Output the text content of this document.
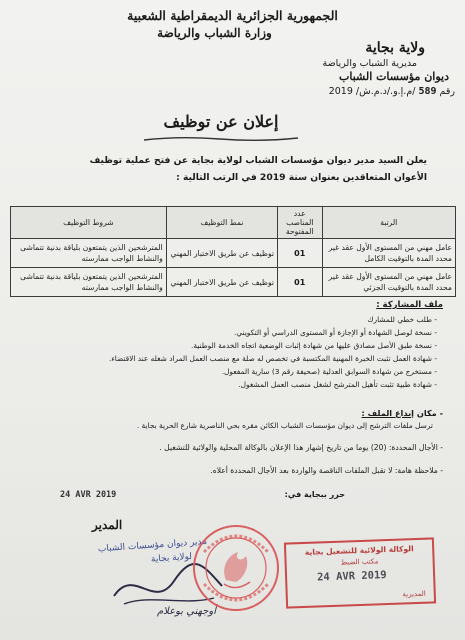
الجمهورية الجزائرية الديمقراطية الشعبية
وزارة الشباب والرياضة
ولاية بجاية
مديرية الشباب والرياضة
ديوان مؤسسات الشباب
رقم 589 /م.إ.و./د.م.ش/ 2019
إعلان عن توظيف
يعلن السيد مدير ديوان مؤسسات الشباب لولاية بجاية عن فتح عملية توظيف
الأعوان المتعاقدين بعنوان سنة 2019 في الرتب التالية :
الرتبة	عدد المناصب المفتوحة	نمط التوظيف	شروط التوظيف
عامل مهني من المستوى الأول عقد غير محدد المدة بالتوقيت الكامل	01	توظيف عن طريق الاختبار المهني	المترشحين الذين يتمتعون بلياقة بدنية تتماشى والنشاط الواجب ممارسته
عامل مهني من المستوى الأول عقد غير محدد المدة بالتوقيت الجزئي	01	توظيف عن طريق الاختبار المهني	المترشحين الذين يتمتعون بلياقة بدنية تتماشى والنشاط الواجب ممارسته
ملف المشاركة :
- طلب خطي للمشارك
- نسخة لوصل الشهادة أو الإجازة أو المستوى الدراسي أو التكويني.
- نسخة طبق الأصل مصادق عليها من شهادة إثبات الوضعية اتجاه الخدمة الوطنية.
- شهادة العمل تثبت الخبرة المهنية المكتسبة في تخصص له صلة مع منصب العمل المراد شغله عند الاقتضاء.
- مستخرج من شهادة السوابق العدلية (صحيفة رقم 3) سارية المفعول.
- شهادة طبية تثبت تأهيل المترشح لشغل منصب العمل المشغول.
- مكان إيداع الملف :
ترسل ملفات الترشح إلى ديوان مؤسسات الشباب الكائن مقره بحي الناصرية شارع الحرية بجاية .
- الأجال المحددة: (20) يوما من تاريخ إشهار هذا الإعلان بالوكالة المحلية والولائية للتشغيل .
- ملاحظة هامة: لا تقبل الملفات الناقصة والواردة بعد الأجال المحددة أعلاه.
24 AVR 2019	حرر ببجاية في:
المدير
مدير ديوان مؤسسات الشباب
لولاية بجاية
أوجهني بوعلام
الوكالة الولائية للتشغيل بجاية
مكتب الضبط
24 AVR 2019
المديرية
